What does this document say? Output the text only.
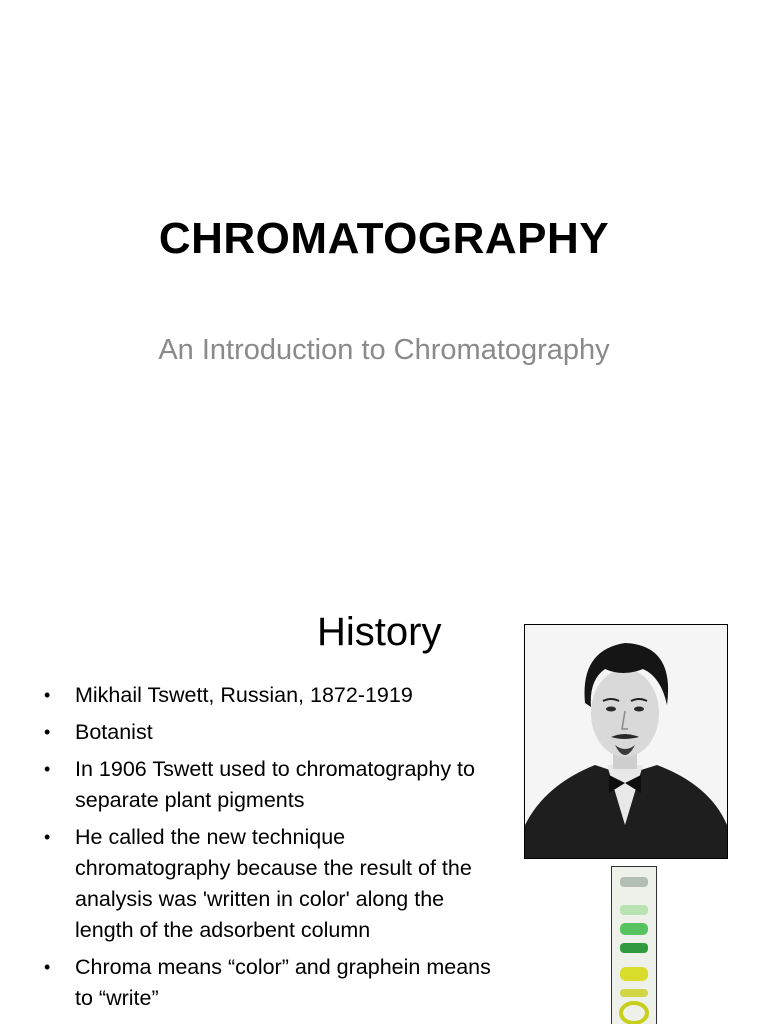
CHROMATOGRAPHY
An Introduction to Chromatography
History
• Mikhail Tswett, Russian, 1872-1919
• Botanist
• In 1906 Tswett used to chromatography to separate plant pigments
• He called the new technique chromatography because the result of the analysis was 'written in color' along the length of the adsorbent column
• Chroma means “color” and graphein means to “write”
